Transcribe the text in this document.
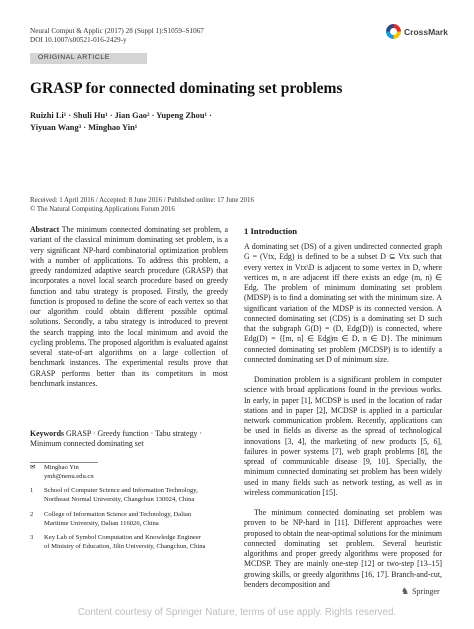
Neural Comput & Applic (2017) 28 (Suppl 1):S1059–S1067
DOI 10.1007/s00521-016-2429-y
CrossMark
ORIGINAL ARTICLE
GRASP for connected dominating set problems
Ruizhi Li¹ · Shuli Hu¹ · Jian Gao² · Yupeng Zhou¹ ·
Yiyuan Wang³ · Minghao Yin¹
Received: 1 April 2016 / Accepted: 8 June 2016 / Published online: 17 June 2016
© The Natural Computing Applications Forum 2016
Abstract The minimum connected dominating set problem, a variant of the classical minimum dominating set problem, is a very significant NP-hard combinatorial optimization problem with a number of applications. To address this problem, a greedy randomized adaptive search procedure (GRASP) that incorporates a novel local search procedure based on greedy function and tabu strategy is proposed. Firstly, the greedy function is proposed to define the score of each vertex so that our algorithm could obtain different possible optimal solutions. Secondly, a tabu strategy is introduced to prevent the search trapping into the local minimum and avoid the cycling problems. The proposed algorithm is evaluated against several state-of-art algorithms on a large collection of benchmark instances. The experimental results prove that GRASP performs better than its competitors in most benchmark instances.
Keywords GRASP · Greedy function · Tabu strategy · Minimum connected dominating set
✉	Minghao Yin
ymh@nenu.edu.cn
1	School of Computer Science and Information Technology,
Northeast Normal University, Changchun 130024, China
2	College of Information Science and Technology, Dalian
Maritime University, Dalian 116026, China
3	Key Lab of Symbol Computation and Knowledge Engineer
of Ministry of Education, Jilin University, Changchun, China
1 Introduction

A dominating set (DS) of a given undirected connected graph G = (Vtx, Edg) is defined to be a subset D ⊆ Vtx such that every vertex in Vtx\D is adjacent to some vertex in D, where vertices m, n are adjacent iff there exists an edge (m, n) ∈ Edg. The problem of minimum dominating set problem (MDSP) is to find a dominating set with the minimum size. A significant variation of the MDSP is its connected version. A connected dominating set (CDS) is a dominating set D such that the subgraph G(D) = (D, Edg(D)) is connected, where Edg(D) = {[m, n] ∈ Edg|m ∈ D, n ∈ D}. The minimum connected dominating set problem (MCDSP) is to identify a connected dominating set D of minimum size.

Domination problem is a significant problem in computer science with broad applications found in the previous works. In early, in paper [1], MCDSP is used in the location of radar stations and in paper [2], MCDSP is applied in a particular network communication problem. Recently, applications can be used in fields as diverse as the spread of technological innovations [3, 4], the marketing of new products [5, 6], failures in power systems [7], web graph problems [8], the spread of communicable disease [9, 10]. Specially, the minimum connected dominating set problem has been widely used in many fields such as network testing, as well as in wireless communication [15].

The minimum connected dominating set problem was proven to be NP-hard in [11]. Different approaches were proposed to obtain the near-optimal solutions for the minimum connected dominating set problem. Several heuristic algorithms and proper greedy algorithms were proposed for MCDSP. They are mainly one-step [12] or two-step [13–15] growing skills, or greedy algorithms [16, 17]. Branch-and-cut, benders decomposition and

♞ Springer
Content courtesy of Springer Nature, terms of use apply. Rights reserved.
